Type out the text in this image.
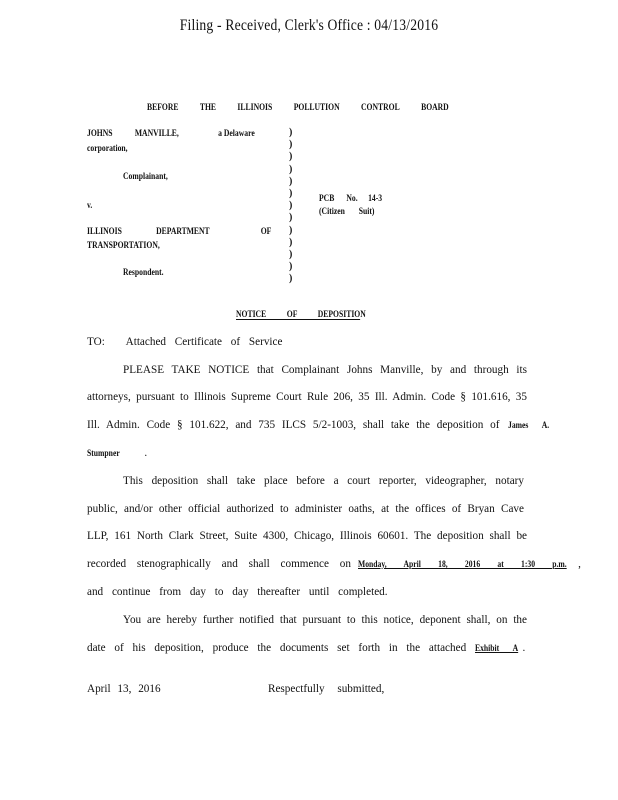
Filing - Received, Clerk's Office : 04/13/2016
BEFORE THE ILLINOIS POLLUTION CONTROL BOARD
JOHNS MANVILLE,	a Delaware
corporation,
Complainant,
v.
ILLINOIS	DEPARTMENT	OF
TRANSPORTATION,
Respondent.
)
)
)
)
)
)
)
)
)
)
)
)
)
PCB No. 14-3
(Citizen Suit)
NOTICE OF DEPOSITION
TO: Attached Certificate of Service
PLEASE TAKE NOTICE that Complainant Johns Manville, by and through its
attorneys, pursuant to Illinois Supreme Court Rule 206, 35 Ill. Admin. Code § 101.616, 35
Ill. Admin. Code § 101.622, and 735 ILCS 5/2-1003, shall take the deposition of James A.
Stumpner .
This deposition shall take place before a court reporter, videographer, notary
public, and/or other official authorized to administer oaths, at the offices of Bryan Cave
LLP, 161 North Clark Street, Suite 4300, Chicago, Illinois 60601. The deposition shall be
recorded stenographically and shall commence on Monday, April 18, 2016 at 1:30 p.m. ,
and continue from day to day thereafter until completed.
You are hereby further notified that pursuant to this notice, deponent shall, on the
date of his deposition, produce the documents set forth in the attached Exhibit A .
April 13, 2016	Respectfully submitted,
